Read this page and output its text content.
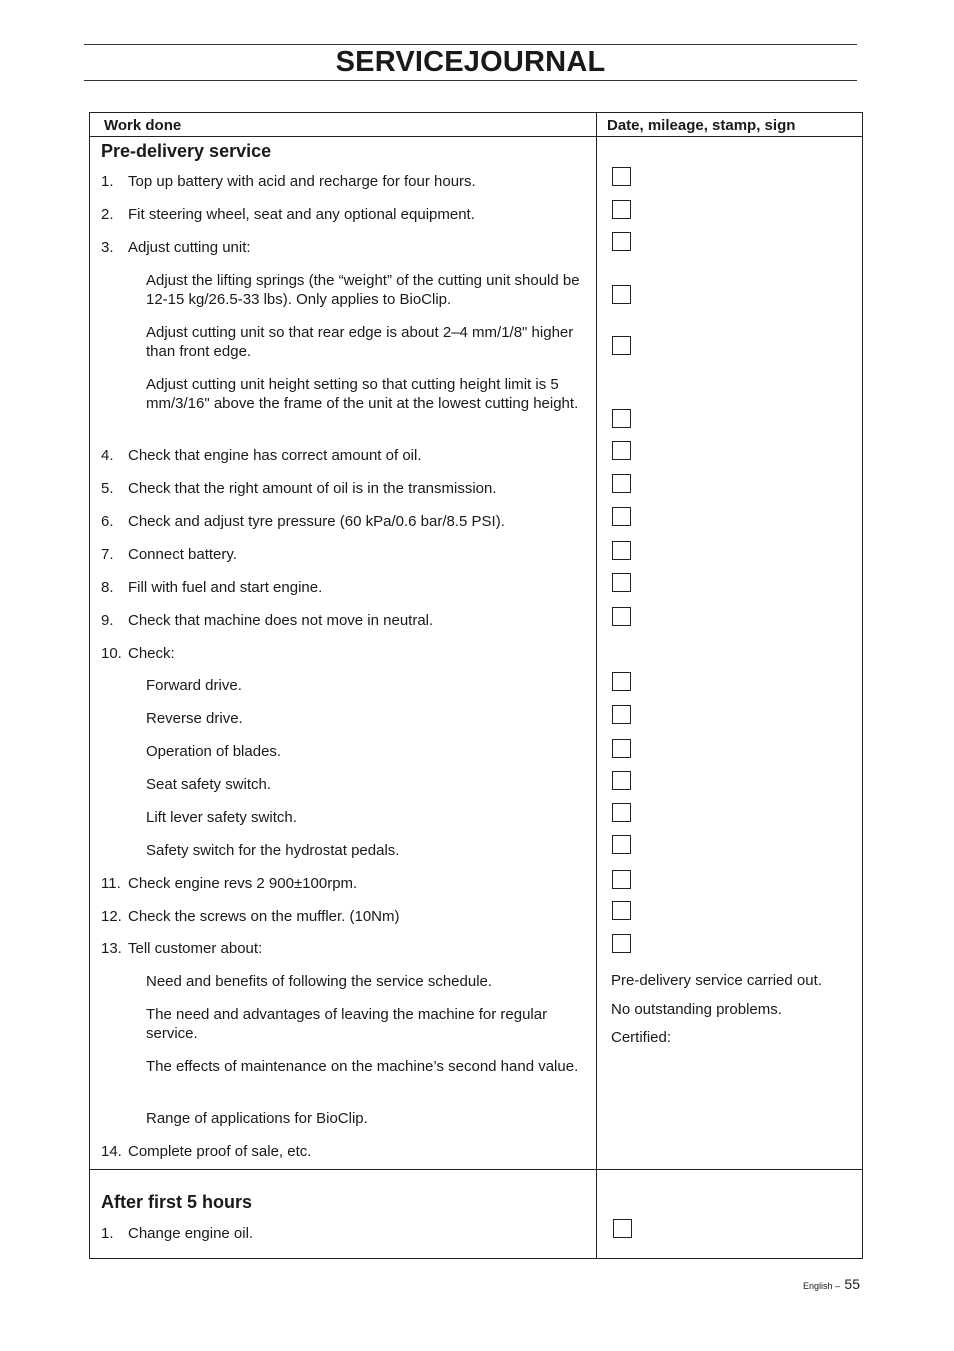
SERVICEJOURNAL
Work done	Date, mileage, stamp, sign
Pre-delivery service
1. Top up battery with acid and recharge for four hours.
2. Fit steering wheel, seat and any optional equipment.
3. Adjust cutting unit:
Adjust the lifting springs (the “weight” of the cutting unit should be 12-15 kg/26.5-33 lbs). Only applies to BioClip.
Adjust cutting unit so that rear edge is about 2–4 mm/1/8" higher than front edge.
Adjust cutting unit height setting so that cutting height limit is 5 mm/3/16" above the frame of the unit at the lowest cutting height.
4. Check that engine has correct amount of oil.
5. Check that the right amount of oil is in the transmission.
6. Check and adjust tyre pressure (60 kPa/0.6 bar/8.5 PSI).
7. Connect battery.
8. Fill with fuel and start engine.
9. Check that machine does not move in neutral.
10. Check:
Forward drive.
Reverse drive.
Operation of blades.
Seat safety switch.
Lift lever safety switch.
Safety switch for the hydrostat pedals.
11. Check engine revs 2 900±100rpm.
12. Check the screws on the muffler. (10Nm)
13. Tell customer about:
Need and benefits of following the service schedule.
The need and advantages of leaving the machine for regular service.
The effects of maintenance on the machine’s second hand value.
Range of applications for BioClip.
14. Complete proof of sale, etc.
Pre-delivery service carried out.
No outstanding problems.
Certified:
After first 5 hours
1. Change engine oil.
English – 55
